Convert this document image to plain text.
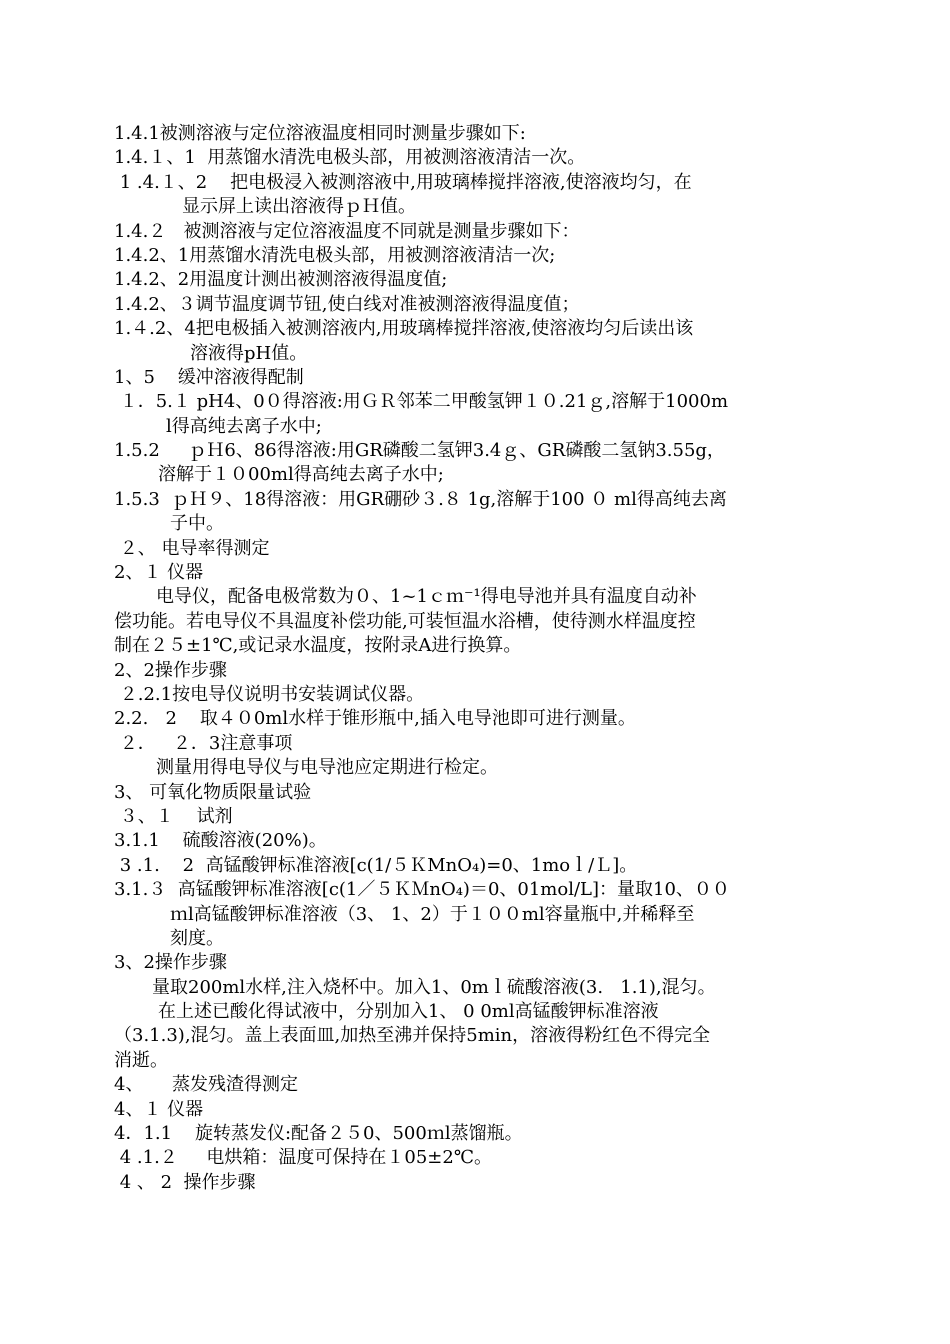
1.4.1被测溶液与定位溶液温度相同时测量步骤如下:
1.4.１、1  用蒸馏水清洗电极头部，用被测溶液清洁一次。
1 .4.１、2    把电极浸入被测溶液中,用玻璃棒搅拌溶液,使溶液均匀，在
显示屏上读出溶液得ｐＨ值。
1.4.２   被测溶液与定位溶液温度不同就是测量步骤如下：
1.4.2、1用蒸馏水清洗电极头部，用被测溶液清洁一次;
1.4.2、2用温度计测出被测溶液得温度值;
1.4.2、３调节温度调节钮,使白线对准被测溶液得温度值；
1.４.2、4把电极插入被测溶液内,用玻璃棒搅拌溶液,使溶液均匀后读出该
溶液得pH值。
1、5    缓冲溶液得配制
１．5.１ pH4、0０得溶液:用ＧＲ邻苯二甲酸氢钾１０.21ｇ,溶解于1000m
l得高纯去离子水中;
1.5.2     ｐＨ6、86得溶液:用GR磷酸二氢钾3.4ｇ、GR磷酸二氢钠3.55g，
溶解于１０00ml得高纯去离子水中;
1.5.3  ｐＨ９、18得溶液：用GR硼砂３.８ 1g,溶解于100 ０ ml得高纯去离
子中。
２、 电导率得测定
2、１ 仪器
电导仪，配备电极常数为０、1~1ｃｍ⁻¹得电导池并具有温度自动补
偿功能。若电导仪不具温度补偿功能,可装恒温水浴槽，使待测水样温度控
制在２５±1℃,或记录水温度，按附录A进行换算。
2、2操作步骤
２.2.1按电导仪说明书安装调试仪器。
2.2.   2    取４０0ml水样于锥形瓶中,插入电导池即可进行测量。
２．   ２．3注意事项
测量用得电导仪与电导池应定期进行检定。
3、 可氧化物质限量试验
３、１    试剂
3.1.1    硫酸溶液(20%)。
3 .1.    2  高锰酸钾标准溶液[c(1/５ＫMnO₄)=0、1moｌ/Ｌ]。
3.1.３  高锰酸钾标准溶液[c(1／５ＫＭnO₄)＝0、01mol/L]：量取10、００
ｍl高锰酸钾标准溶液（3、 1、2）于１００ml容量瓶中,并稀释至
刻度。
3、2操作步骤
量取200ml水样,注入烧杯中。加入1、0mｌ硫酸溶液(3.   1.1),混匀。
在上述已酸化得试液中，分别加入1、 0 0ml高锰酸钾标准溶液
（3.1.3),混匀。盖上表面皿,加热至沸并保持5min，溶液得粉红色不得完全
消逝。
4、     蒸发残渣得测定
4、１ 仪器
4．1.1    旋转蒸发仪:配备２５0、500ｍl蒸馏瓶。
4 .1.２     电烘箱：温度可保持在１05±2℃。
4 、 2  操作步骤
